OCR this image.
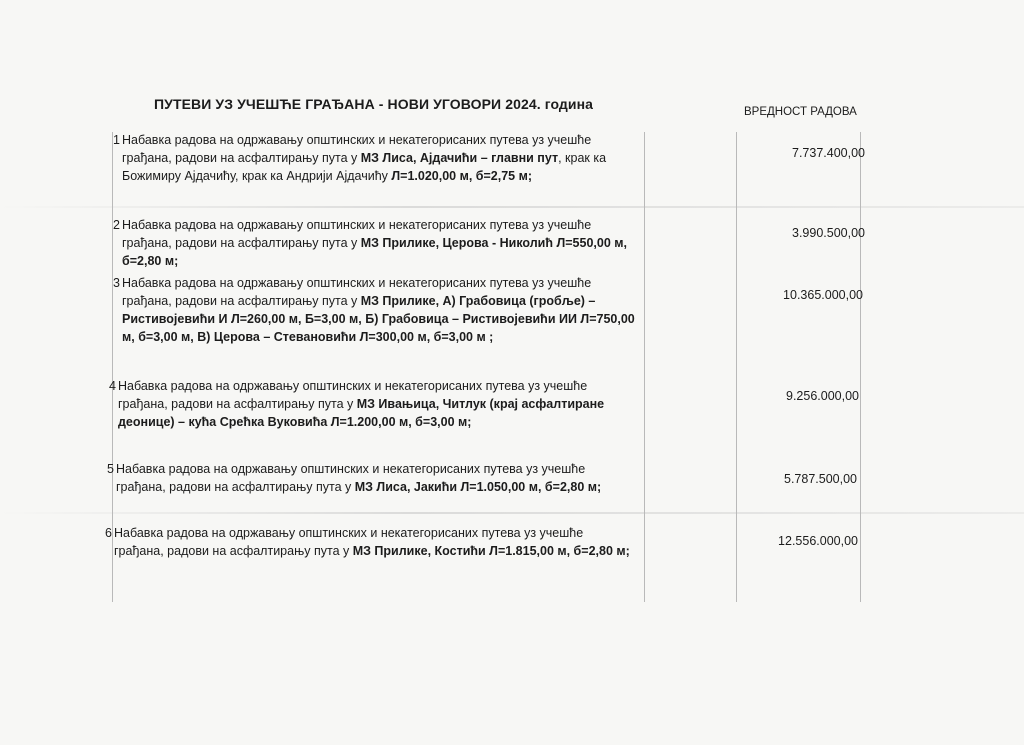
ПУТЕВИ УЗ УЧЕШЋЕ ГРАЂАНА - НОВИ УГОВОРИ 2024. година	ВРЕДНОСТ РАДОВА
1 Набавка радова на одржавању општинских и некатегорисаних путева уз учешће грађана, радови на асфалтирању пута у МЗ Лиса, Ајдачићи – главни пут, крак ка Божимиру Ајдачићу, крак ка Андрији Ајдачићу Л=1.020,00 м, б=2,75 м;
7.737.400,00
2 Набавка радова на одржавању општинских и некатегорисаних путева уз учешће грађана, радови на асфалтирању пута у МЗ Прилике, Церова - Николић Л=550,00 м, б=2,80 м;
3.990.500,00
3 Набавка радова на одржавању општинских и некатегорисаних путева уз учешће грађана, радови на асфалтирању пута у МЗ Прилике, А) Грабовица (гробље) – Ристивојевићи И Л=260,00 м, Б=3,00 м, Б) Грабовица – Ристивојевићи ИИ Л=750,00 м, б=3,00 м, В) Церова – Стевановићи Л=300,00 м, б=3,00 м ;
10.365.000,00
4 Набавка радова на одржавању општинских и некатегорисаних путева уз учешће грађана, радови на асфалтирању пута у МЗ Ивањица, Читлук (крај асфалтиране деонице) – кућа Срећка Вуковића Л=1.200,00 м, б=3,00 м;
9.256.000,00
5 Набавка радова на одржавању општинских и некатегорисаних путева уз учешће грађана, радови на асфалтирању пута у МЗ Лиса, Јакићи Л=1.050,00 м, б=2,80 м;
5.787.500,00
6 Набавка радова на одржавању општинских и некатегорисаних путева уз учешће грађана, радови на асфалтирању пута у МЗ Прилике, Костићи Л=1.815,00 м, б=2,80 м;
12.556.000,00
